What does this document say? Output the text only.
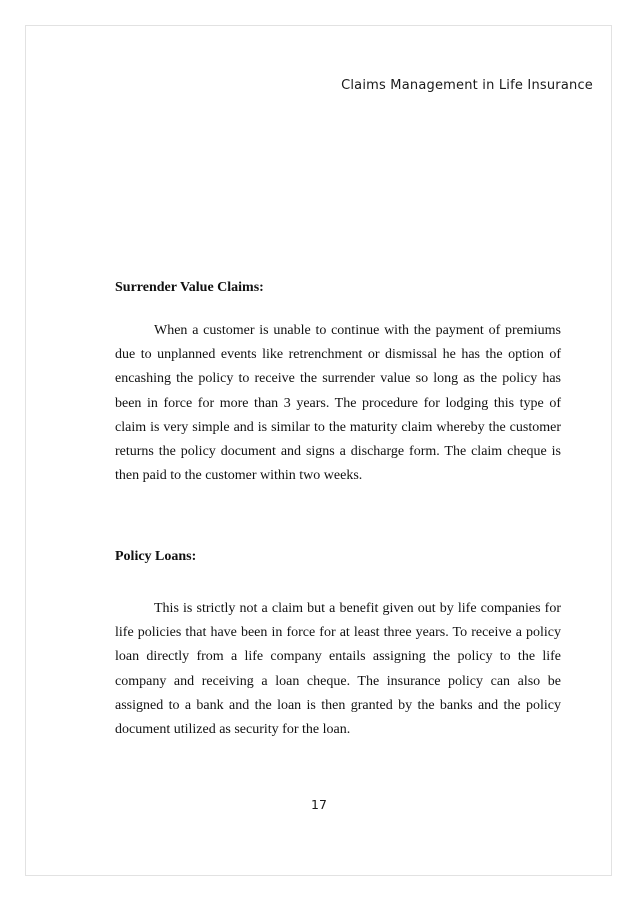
Claims Management in Life Insurance
Surrender Value Claims:
When a customer is unable to continue with the payment of premiums due to unplanned events like retrenchment or dismissal he has the option of encashing the policy to receive the surrender value so long as the policy has been in force for more than 3 years. The procedure for lodging this type of claim is very simple and is similar to the maturity claim whereby the customer returns the policy document and signs a discharge form. The claim cheque is then paid to the customer within two weeks.
Policy Loans:
This is strictly not a claim but a benefit given out by life companies for life policies that have been in force for at least three years. To receive a policy loan directly from a life company entails assigning the policy to the life company and receiving a loan cheque. The insurance policy can also be assigned to a bank and the loan is then granted by the banks and the policy document utilized as security for the loan.
17
